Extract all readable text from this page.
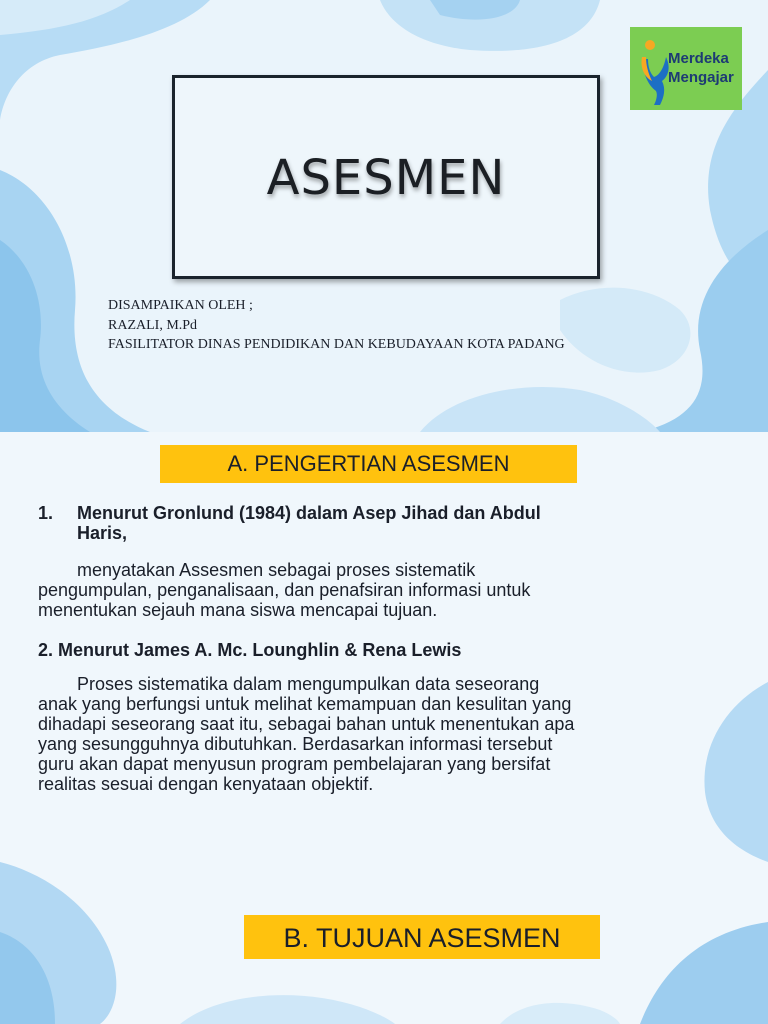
Merdeka
Mengajar
ASESMEN
DISAMPAIKAN OLEH ;
RAZALI, M.Pd
FASILITATOR DINAS PENDIDIKAN DAN KEBUDAYAAN KOTA PADANG
A. PENGERTIAN ASESMEN
1. Menurut Gronlund (1984) dalam Asep Jihad dan Abdul
Haris,
menyatakan Assesmen sebagai proses sistematik
pengumpulan, penganalisaan, dan penafsiran informasi untuk
menentukan sejauh mana siswa mencapai tujuan.
2. Menurut James A. Mc. Lounghlin & Rena Lewis
Proses sistematika dalam mengumpulkan data seseorang
anak yang berfungsi untuk melihat kemampuan dan kesulitan yang
dihadapi seseorang saat itu, sebagai bahan untuk menentukan apa
yang sesungguhnya dibutuhkan. Berdasarkan informasi tersebut
guru akan dapat menyusun program pembelajaran yang bersifat
realitas sesuai dengan kenyataan objektif.
B. TUJUAN ASESMEN
